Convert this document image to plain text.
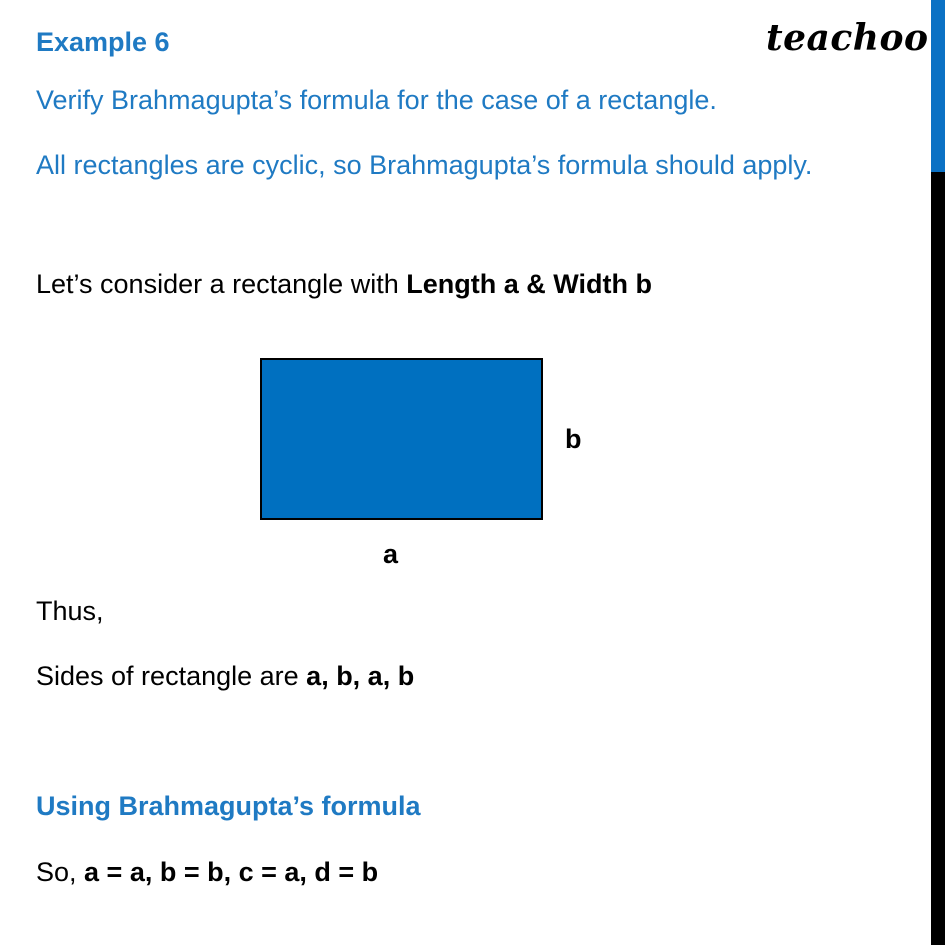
Example 6	teachoo
Verify Brahmagupta’s formula for the case of a rectangle.
All rectangles are cyclic, so Brahmagupta’s formula should apply.
Let’s consider a rectangle with Length a & Width b
b
a
Thus,
Sides of rectangle are a, b, a, b
Using Brahmagupta’s formula
So, a = a, b = b, c = a, d = b
